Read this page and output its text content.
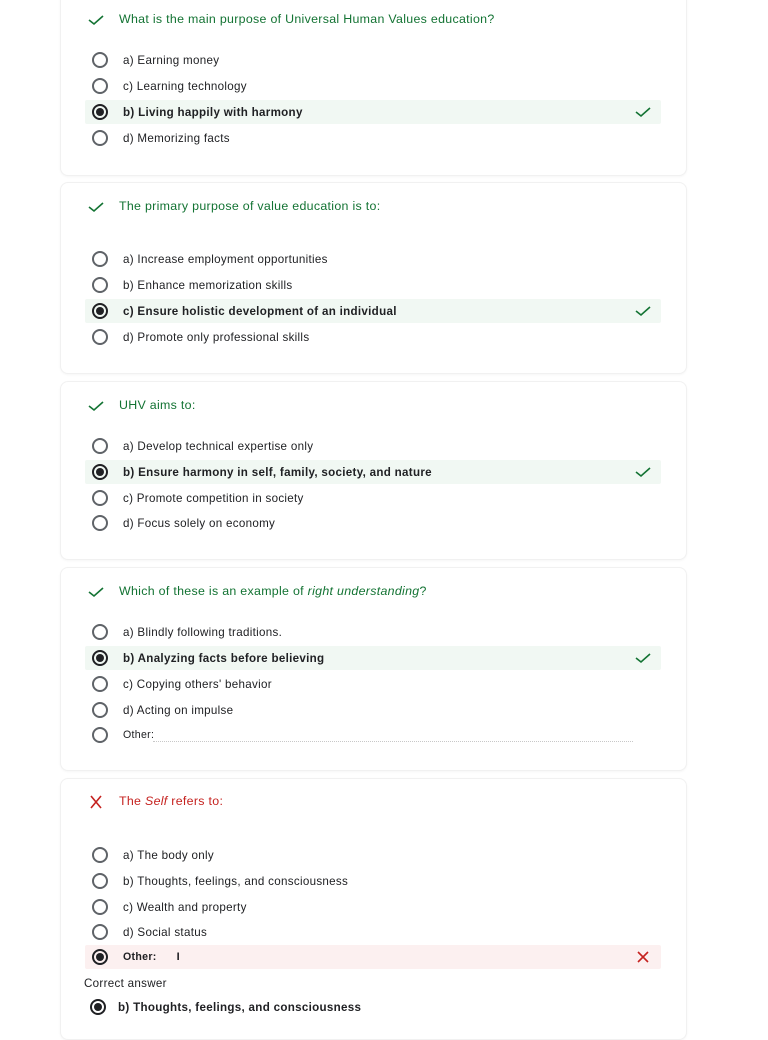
What is the main purpose of Universal Human Values education?
a) Earning money
c) Learning technology
b) Living happily with harmony
d) Memorizing facts
The primary purpose of value education is to:
a) Increase employment opportunities
b) Enhance memorization skills
c) Ensure holistic development of an individual
d) Promote only professional skills
UHV aims to:
a) Develop technical expertise only
b) Ensure harmony in self, family, society, and nature
c) Promote competition in society
d) Focus solely on economy
Which of these is an example of right understanding ?
a) Blindly following traditions.
b) Analyzing facts before believing
c) Copying others' behavior
d) Acting on impulse
Other:
The Self refers to:
a) The body only
b) Thoughts, feelings, and consciousness
c) Wealth and property
d) Social status
Other: I
Correct answer
b) Thoughts, feelings, and consciousness
